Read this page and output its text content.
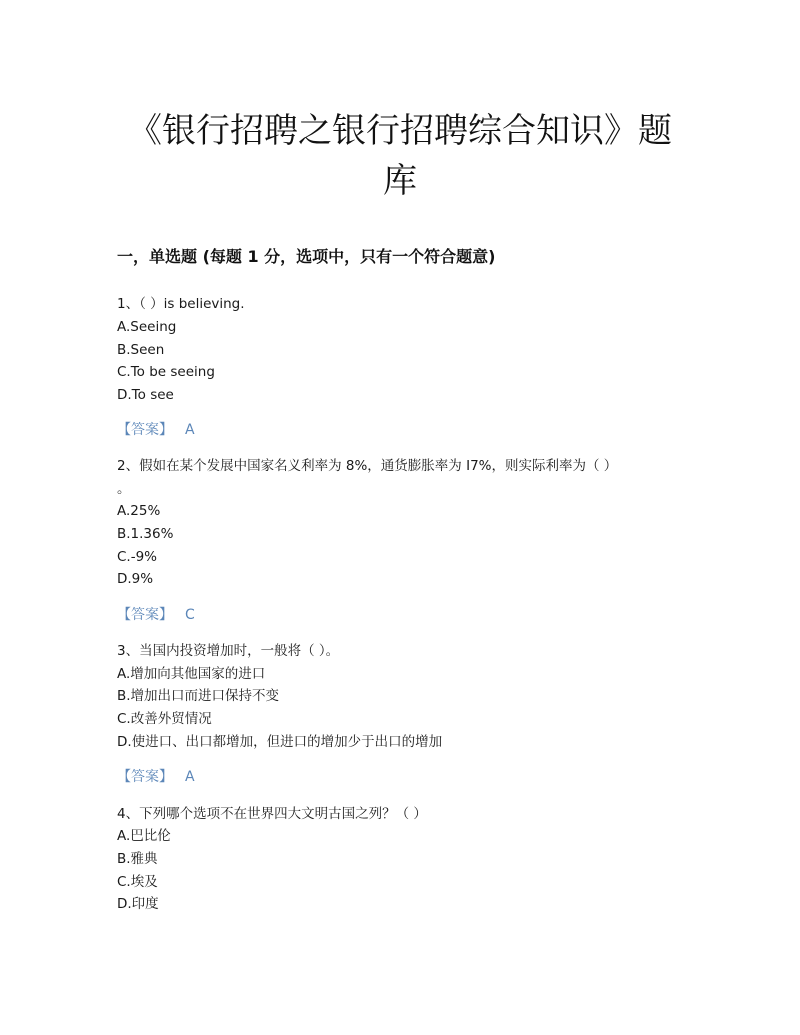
《银行招聘之银行招聘综合知识》题
库
一，单选题 (每题 1 分，选项中，只有一个符合题意)

1、（ ）is believing.

A.Seeing

B.Seen

C.To be seeing

D.To see

【答案】 A

2、假如在某个发展中国家名义利率为 8%，通货膨胀率为 I7%，则实际利率为（ ）

。

A.25%

B.1.36%

C.-9%

D.9%

【答案】 C

3、当国内投资增加时，一般将（ ）。

A.增加向其他国家的进口

B.增加出口而进口保持不变

C.改善外贸情况

D.使进口、出口都增加，但进口的增加少于出口的增加

【答案】 A

4、下列哪个选项不在世界四大文明古国之列？（ ）

A.巴比伦

B.雅典

C.埃及

D.印度
